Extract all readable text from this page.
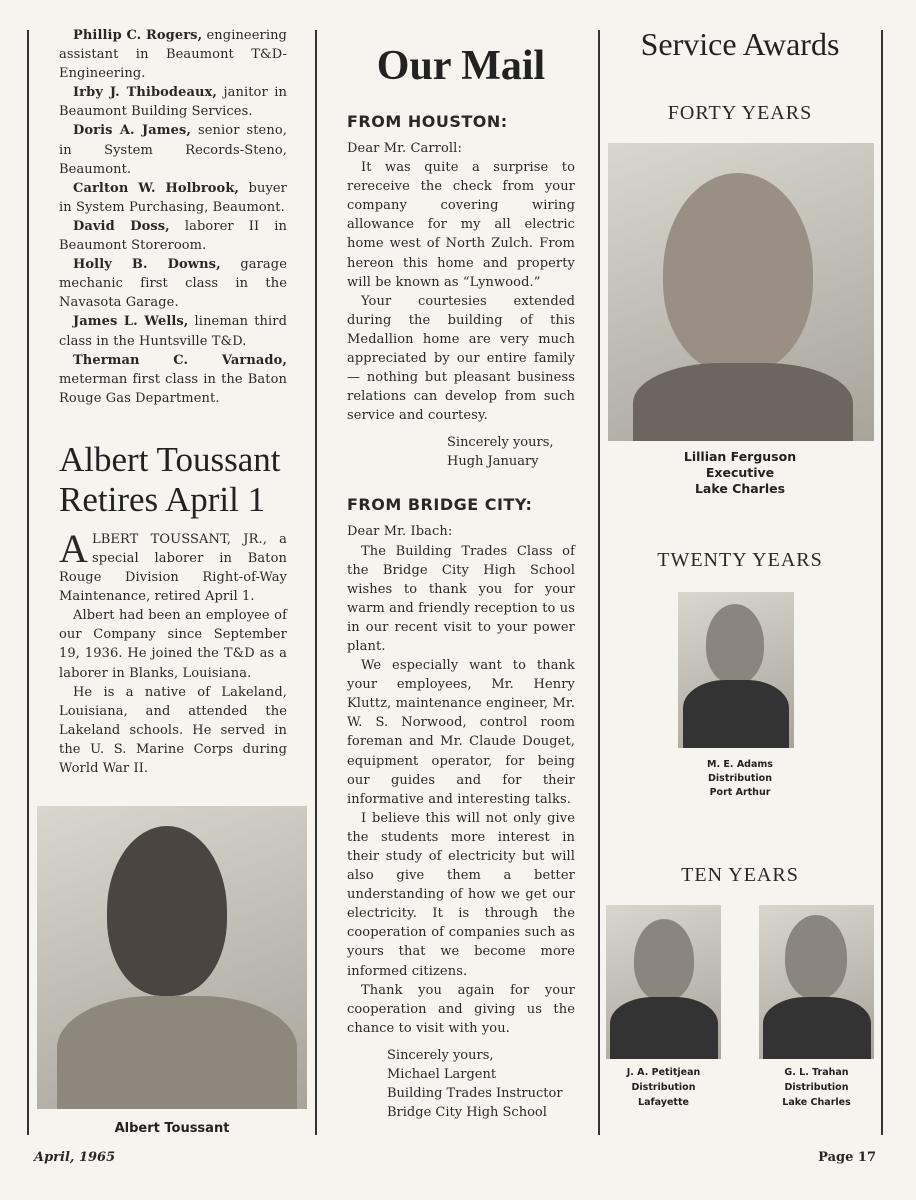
Phillip C. Rogers, engineering assistant in Beaumont T&D-Engineering.

Irby J. Thibodeaux, janitor in Beaumont Building Services.

Doris A. James, senior steno, in System Records-Steno, Beaumont.

Carlton W. Holbrook, buyer in System Purchasing, Beaumont.

David Doss, laborer II in Beaumont Storeroom.

Holly B. Downs, garage mechanic first class in the Navasota Garage.

James L. Wells, lineman third class in the Huntsville T&D.

Therman C. Varnado, meterman first class in the Baton Rouge Gas Department.

Albert Toussant
Retires April 1

ALBERT TOUSSANT, JR., a special laborer in Baton Rouge Division Right-of-Way Maintenance, retired April 1.

Albert had been an employee of our Company since September 19, 1936. He joined the T&D as a laborer in Blanks, Louisiana.

He is a native of Lakeland, Louisiana, and attended the Lakeland schools. He served in the U. S. Marine Corps during World War II.

Albert Toussant
Our Mail
FROM HOUSTON:

Dear Mr. Carroll:

It was quite a surprise to rereceive the check from your company covering wiring allowance for my all electric home west of North Zulch. From hereon this home and property will be known as “Lynwood.”

Your courtesies extended during the building of this Medallion home are very much appreciated by our entire family — nothing but pleasant business relations can develop from such service and courtesy.

Sincerely yours,
Hugh January
FROM BRIDGE CITY:

Dear Mr. Ibach:

The Building Trades Class of the Bridge City High School wishes to thank you for your warm and friendly reception to us in our recent visit to your power plant.

We especially want to thank your employees, Mr. Henry Kluttz, maintenance engineer, Mr. W. S. Norwood, control room foreman and Mr. Claude Douget, equipment operator, for being our guides and for their informative and interesting talks.

I believe this will not only give the students more interest in their study of electricity but will also give them a better understanding of how we get our electricity. It is through the cooperation of companies such as yours that we become more informed citizens.

Thank you again for your cooperation and giving us the chance to visit with you.

Sincerely yours,
Michael Largent
Building Trades Instructor
Bridge City High School
Service Awards
FORTY YEARS
Lillian Ferguson
Executive
Lake Charles
TWENTY YEARS
M. E. Adams
Distribution
Port Arthur
TEN YEARS
J. A. Petitjean
Distribution
Lafayette
G. L. Trahan
Distribution
Lake Charles
April, 1965	Page 17
